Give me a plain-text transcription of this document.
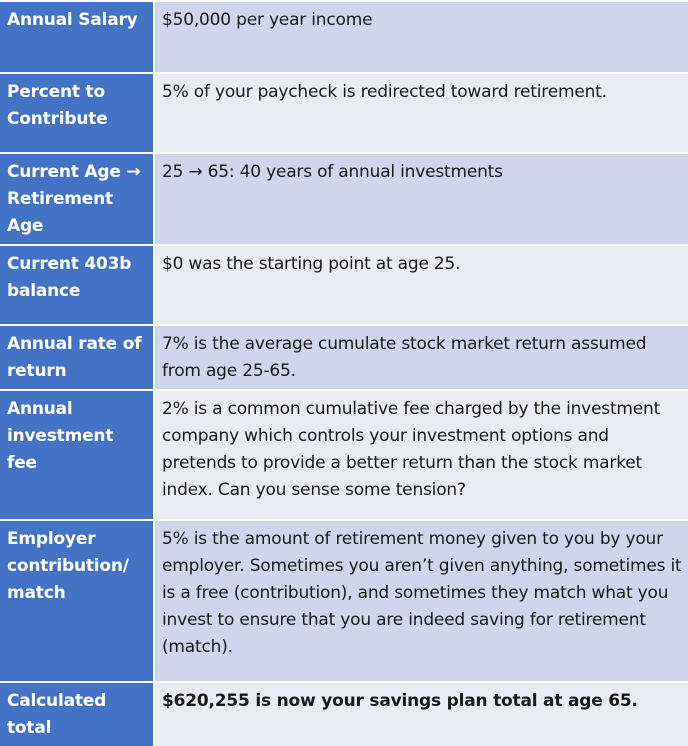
Annual Salary	$50,000 per year income

Percent to Contribute	5% of your paycheck is redirected toward retirement.

Current Age → Retirement Age	25 → 65: 40 years of annual investments

Current 403b balance	$0 was the starting point at age 25.

Annual rate of return	7% is the average cumulate stock market return assumed from age 25-65.

Annual investment fee	2% is a common cumulative fee charged by the investment company which controls your investment options and pretends to provide a better return than the stock market index. Can you sense some tension?

Employer contribution/ match	5% is the amount of retirement money given to you by your employer. Sometimes you aren’t given anything, sometimes it is a free (contribution), and sometimes they match what you invest to ensure that you are indeed saving for retirement (match).

Calculated total	$620,255 is now your savings plan total at age 65.
